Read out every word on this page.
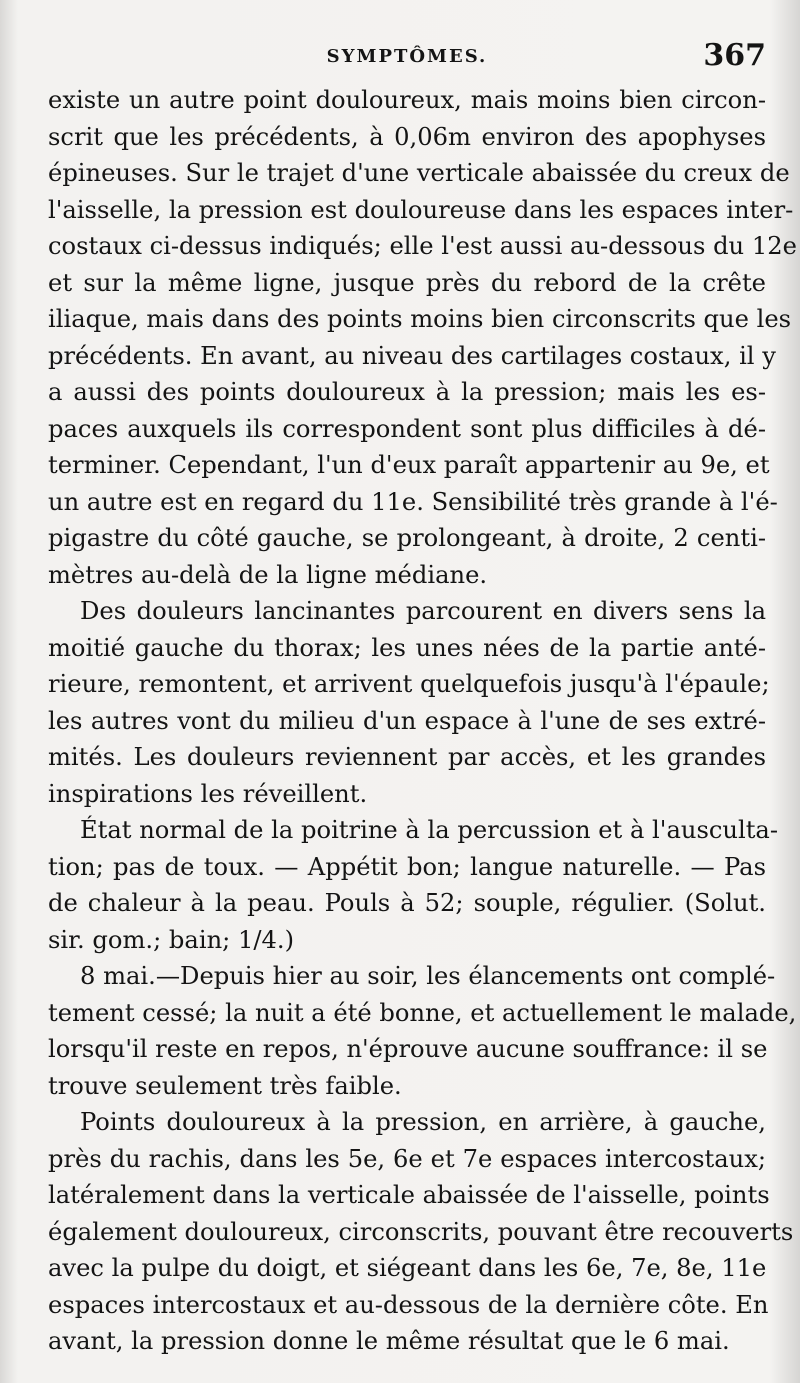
SYMPTÔMES.	367
existe un autre point douloureux, mais moins bien circon-
scrit que les précédents, à 0,06m environ des apophyses
épineuses. Sur le trajet d'une verticale abaissée du creux de
l'aisselle, la pression est douloureuse dans les espaces inter-
costaux ci-dessus indiqués; elle l'est aussi au-dessous du 12e
et sur la même ligne, jusque près du rebord de la crête
iliaque, mais dans des points moins bien circonscrits que les
précédents. En avant, au niveau des cartilages costaux, il y
a aussi des points douloureux à la pression; mais les es-
paces auxquels ils correspondent sont plus difficiles à dé-
terminer. Cependant, l'un d'eux paraît appartenir au 9e, et
un autre est en regard du 11e. Sensibilité très grande à l'é-
pigastre du côté gauche, se prolongeant, à droite, 2 centi-
mètres au-delà de la ligne médiane.
Des douleurs lancinantes parcourent en divers sens la
moitié gauche du thorax; les unes nées de la partie anté-
rieure, remontent, et arrivent quelquefois jusqu'à l'épaule;
les autres vont du milieu d'un espace à l'une de ses extré-
mités. Les douleurs reviennent par accès, et les grandes
inspirations les réveillent.
État normal de la poitrine à la percussion et à l'ausculta-
tion; pas de toux. — Appétit bon; langue naturelle. — Pas
de chaleur à la peau. Pouls à 52; souple, régulier. (Solut.
sir. gom.; bain; 1/4.)
8 mai.—Depuis hier au soir, les élancements ont complé-
tement cessé; la nuit a été bonne, et actuellement le malade,
lorsqu'il reste en repos, n'éprouve aucune souffrance: il se
trouve seulement très faible.
Points douloureux à la pression, en arrière, à gauche,
près du rachis, dans les 5e, 6e et 7e espaces intercostaux;
latéralement dans la verticale abaissée de l'aisselle, points
également douloureux, circonscrits, pouvant être recouverts
avec la pulpe du doigt, et siégeant dans les 6e, 7e, 8e, 11e
espaces intercostaux et au-dessous de la dernière côte. En
avant, la pression donne le même résultat que le 6 mai.
